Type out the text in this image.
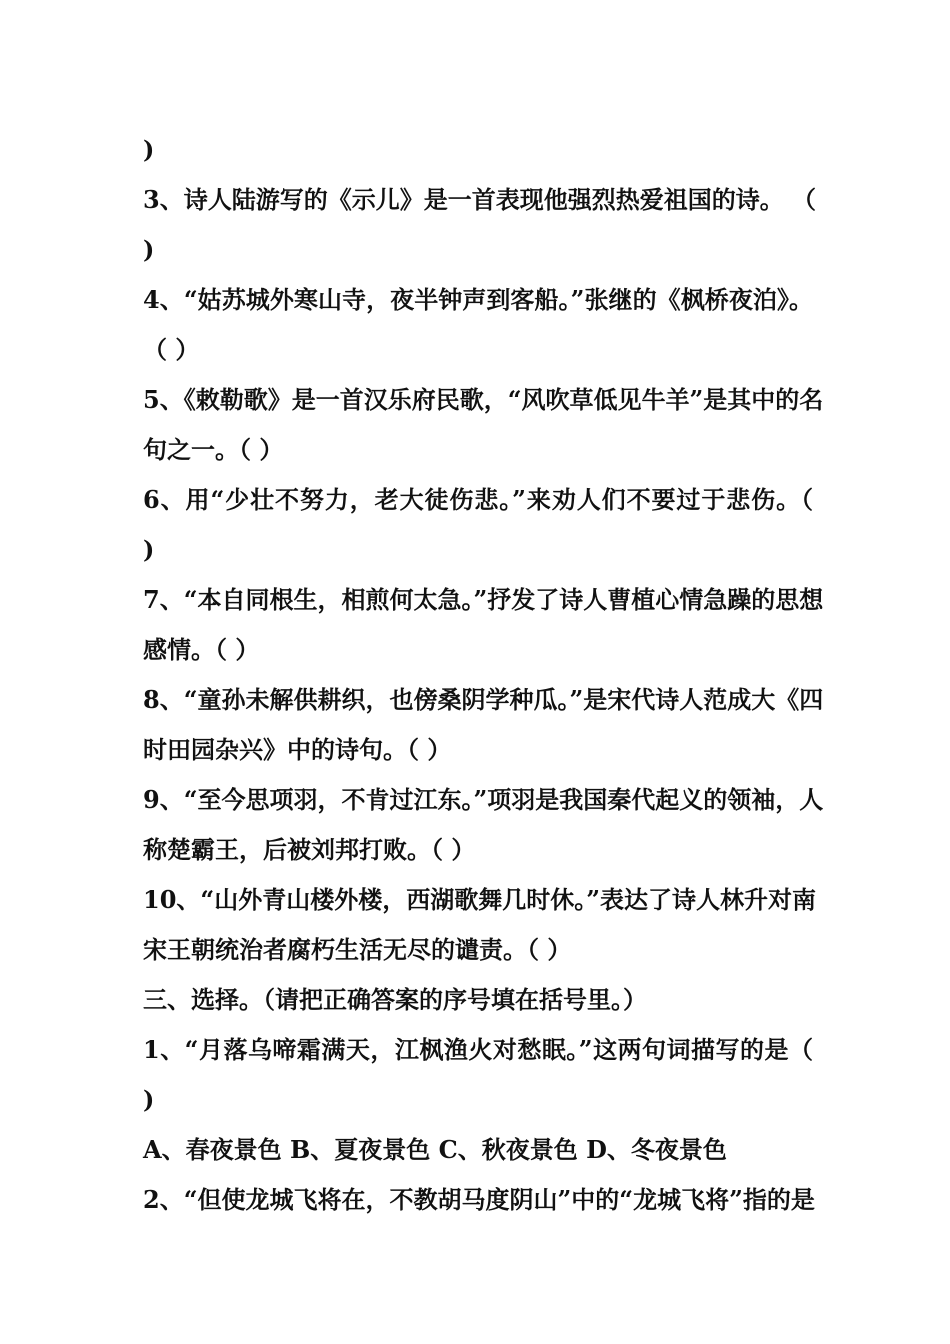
)
3、诗人陆游写的《示儿》是一首表现他强烈热爱祖国的诗。 （
)
4、“姑苏城外寒山寺，夜半钟声到客船。”张继的《枫桥夜泊》。
（ ）
5、《敕勒歌》是一首汉乐府民歌，“风吹草低见牛羊”是其中的名
句之一。（ ）
6、用“少壮不努力，老大徒伤悲。”来劝人们不要过于悲伤。（
)
7、“本自同根生，相煎何太急。”抒发了诗人曹植心情急躁的思想
感情。（ ）
8、“童孙未解供耕织，也傍桑阴学种瓜。”是宋代诗人范成大《四
时田园杂兴》中的诗句。（ ）
9、“至今思项羽，不肯过江东。”项羽是我国秦代起义的领袖，人
称楚霸王，后被刘邦打败。（ ）
10、“山外青山楼外楼，西湖歌舞几时休。”表达了诗人林升对南
宋王朝统治者腐朽生活无尽的谴责。（ ）
三、选择。（请把正确答案的序号填在括号里。）
1、“月落乌啼霜满天，江枫渔火对愁眠。”这两句词描写的是（
)
A、春夜景色 B、夏夜景色 C、秋夜景色 D、冬夜景色
2、“但使龙城飞将在，不教胡马度阴山”中的“龙城飞将”指的是
